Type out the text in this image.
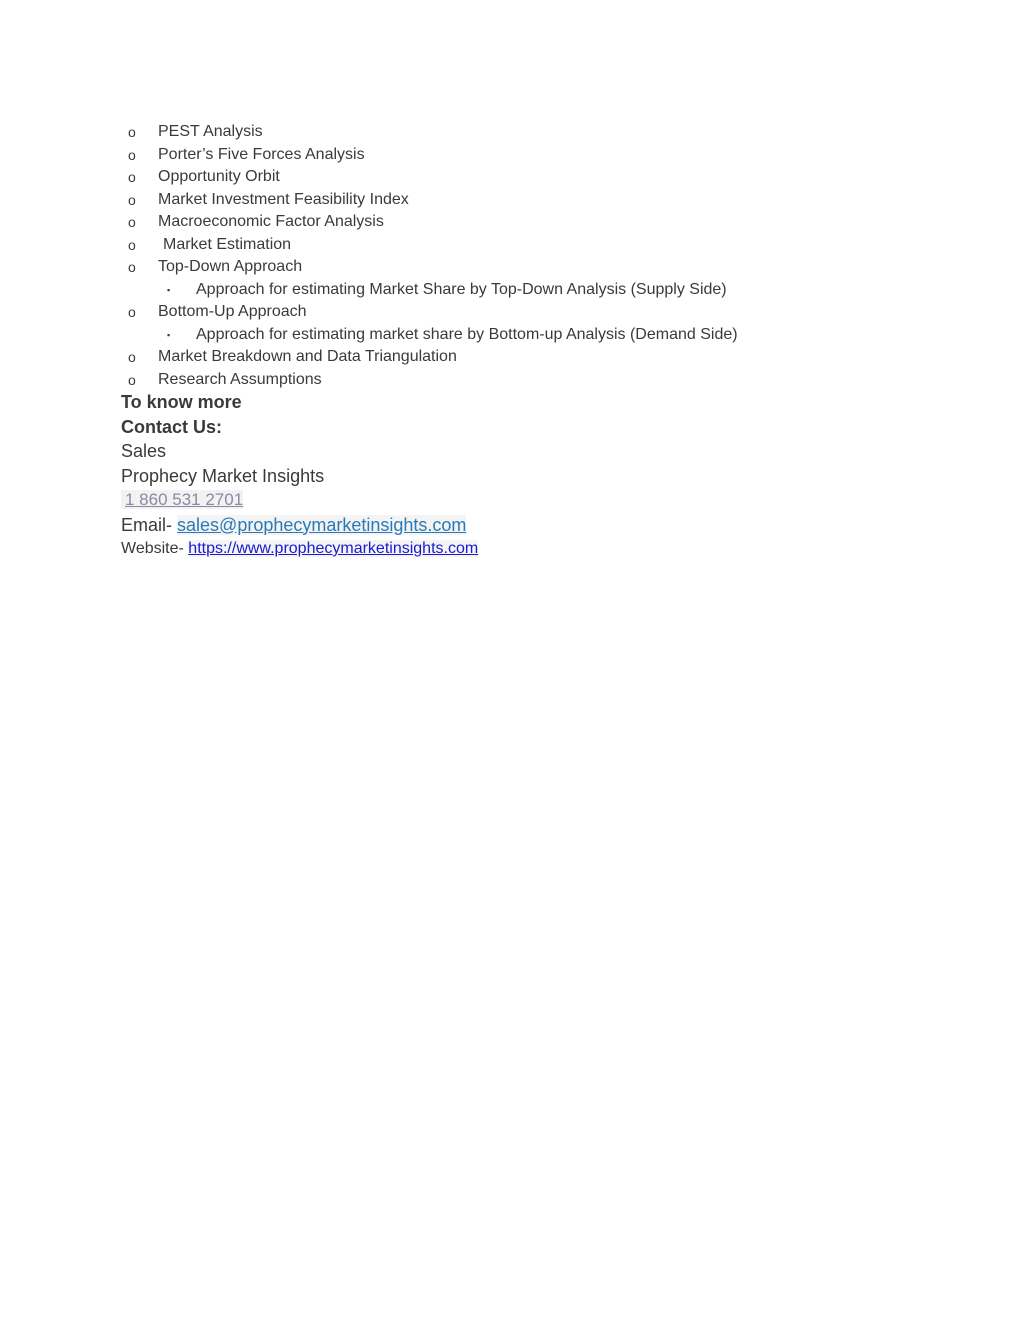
o PEST Analysis
o Porter’s Five Forces Analysis
o Opportunity Orbit
o Market Investment Feasibility Index
o Macroeconomic Factor Analysis
o Market Estimation
o Top-Down Approach
▪ Approach for estimating Market Share by Top-Down Analysis (Supply Side)
o Bottom-Up Approach
▪ Approach for estimating market share by Bottom-up Analysis (Demand Side)
o Market Breakdown and Data Triangulation
o Research Assumptions
To know more
Contact Us:
Sales
Prophecy Market Insights
1 860 531 2701
Email- sales@prophecymarketinsights.com
Website- https://www.prophecymarketinsights.com
